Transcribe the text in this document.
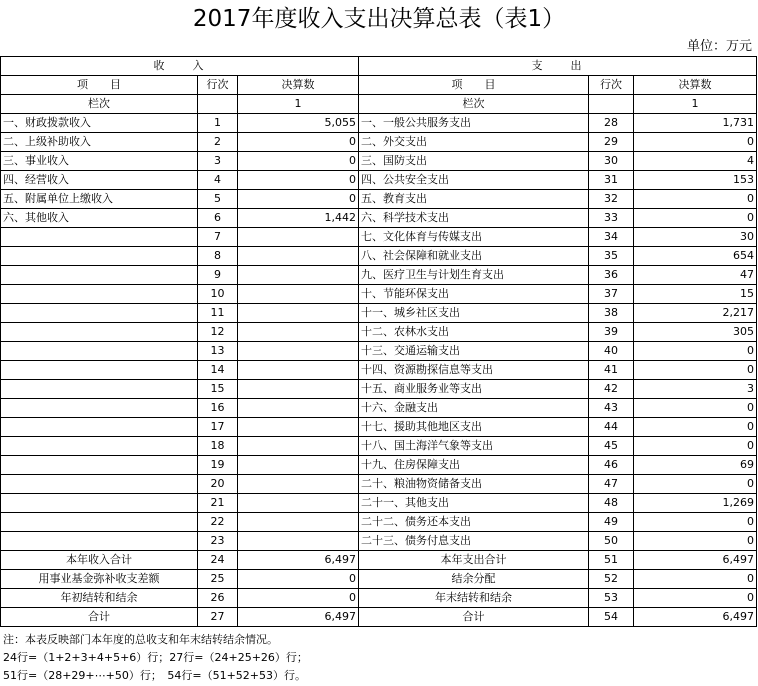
2017年度收入支出决算总表（表1）
单位：万元
收　　入			支　　出		
项　　目	行次	决算数	项　　目	行次	决算数
栏次		1	栏次		1
一、财政拨款收入	1	5,055	一、一般公共服务支出	28	1,731
二、上级补助收入	2	0	二、外交支出	29	0
三、事业收入	3	0	三、国防支出	30	4
四、经营收入	4	0	四、公共安全支出	31	153
五、附属单位上缴收入	5	0	五、教育支出	32	0
六、其他收入	6	1,442	六、科学技术支出	33	0
	7		七、文化体育与传媒支出	34	30
	8		八、社会保障和就业支出	35	654
	9		九、医疗卫生与计划生育支出	36	47
	10		十、节能环保支出	37	15
	11		十一、城乡社区支出	38	2,217
	12		十二、农林水支出	39	305
	13		十三、交通运输支出	40	0
	14		十四、资源勘探信息等支出	41	0
	15		十五、商业服务业等支出	42	3
	16		十六、金融支出	43	0
	17		十七、援助其他地区支出	44	0
	18		十八、国土海洋气象等支出	45	0
	19		十九、住房保障支出	46	69
	20		二十、粮油物资储备支出	47	0
	21		二十一、其他支出	48	1,269
	22		二十二、债务还本支出	49	0
	23		二十三、债务付息支出	50	0
本年收入合计	24	6,497	本年支出合计	51	6,497
用事业基金弥补收支差额	25	0	结余分配	52	0
年初结转和结余	26	0	年末结转和结余	53	0
合计	27	6,497	合计	54	6,497
注：本表反映部门本年度的总收支和年末结转结余情况。
24行=（1+2+3+4+5+6）行；27行=（24+25+26）行；
51行=（28+29+⋯+50）行；　54行=（51+52+53）行。
